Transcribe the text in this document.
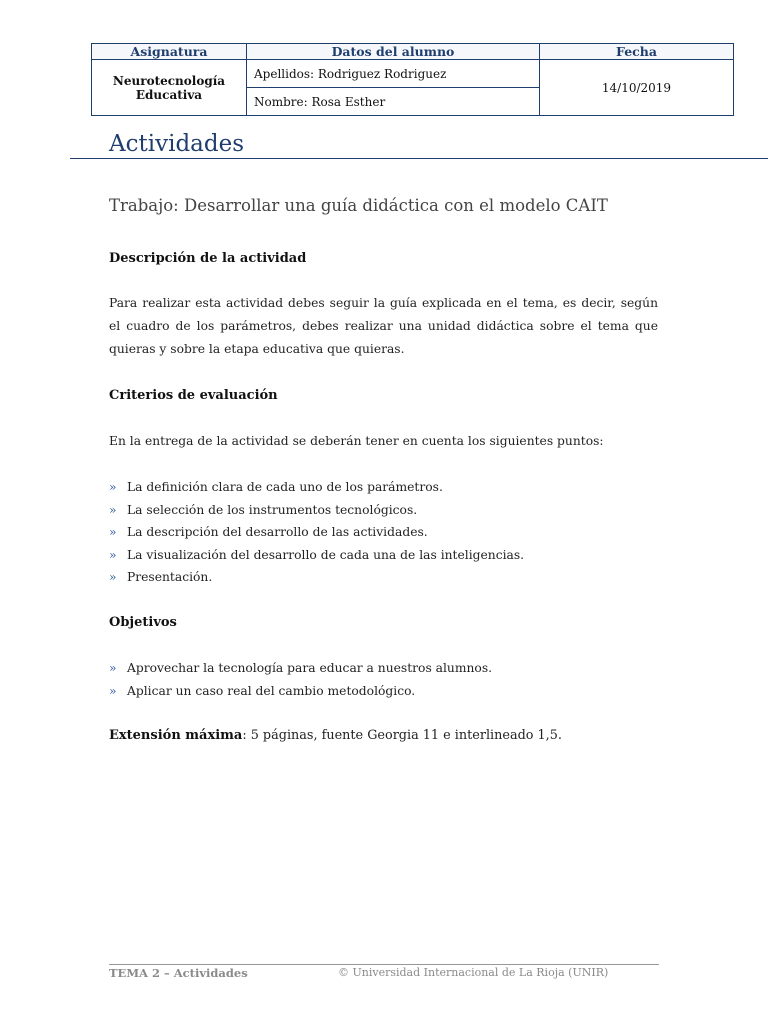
Asignatura	Datos del alumno	Fecha
Neurotecnología
Educativa	Apellidos: Rodriguez Rodriguez	14/10/2019
	Nombre: Rosa Esther	
Actividades
Trabajo: Desarrollar una guía didáctica con el modelo CAIT
Descripción de la actividad

Para realizar esta actividad debes seguir la guía explicada en el tema, es decir, según el cuadro de los parámetros, debes realizar una unidad didáctica sobre el tema que quieras y sobre la etapa educativa que quieras.

Criterios de evaluación

En la entrega de la actividad se deberán tener en cuenta los siguientes puntos:

» La definición clara de cada uno de los parámetros.
» La selección de los instrumentos tecnológicos.
» La descripción del desarrollo de las actividades.
» La visualización del desarrollo de cada una de las inteligencias.
» Presentación.
Objetivos
» Aprovechar la tecnología para educar a nuestros alumnos.
» Aplicar un caso real del cambio metodológico.

Extensión máxima: 5 páginas, fuente Georgia 11 e interlineado 1,5.

TEMA 2 – Actividades	© Universidad Internacional de La Rioja (UNIR)
